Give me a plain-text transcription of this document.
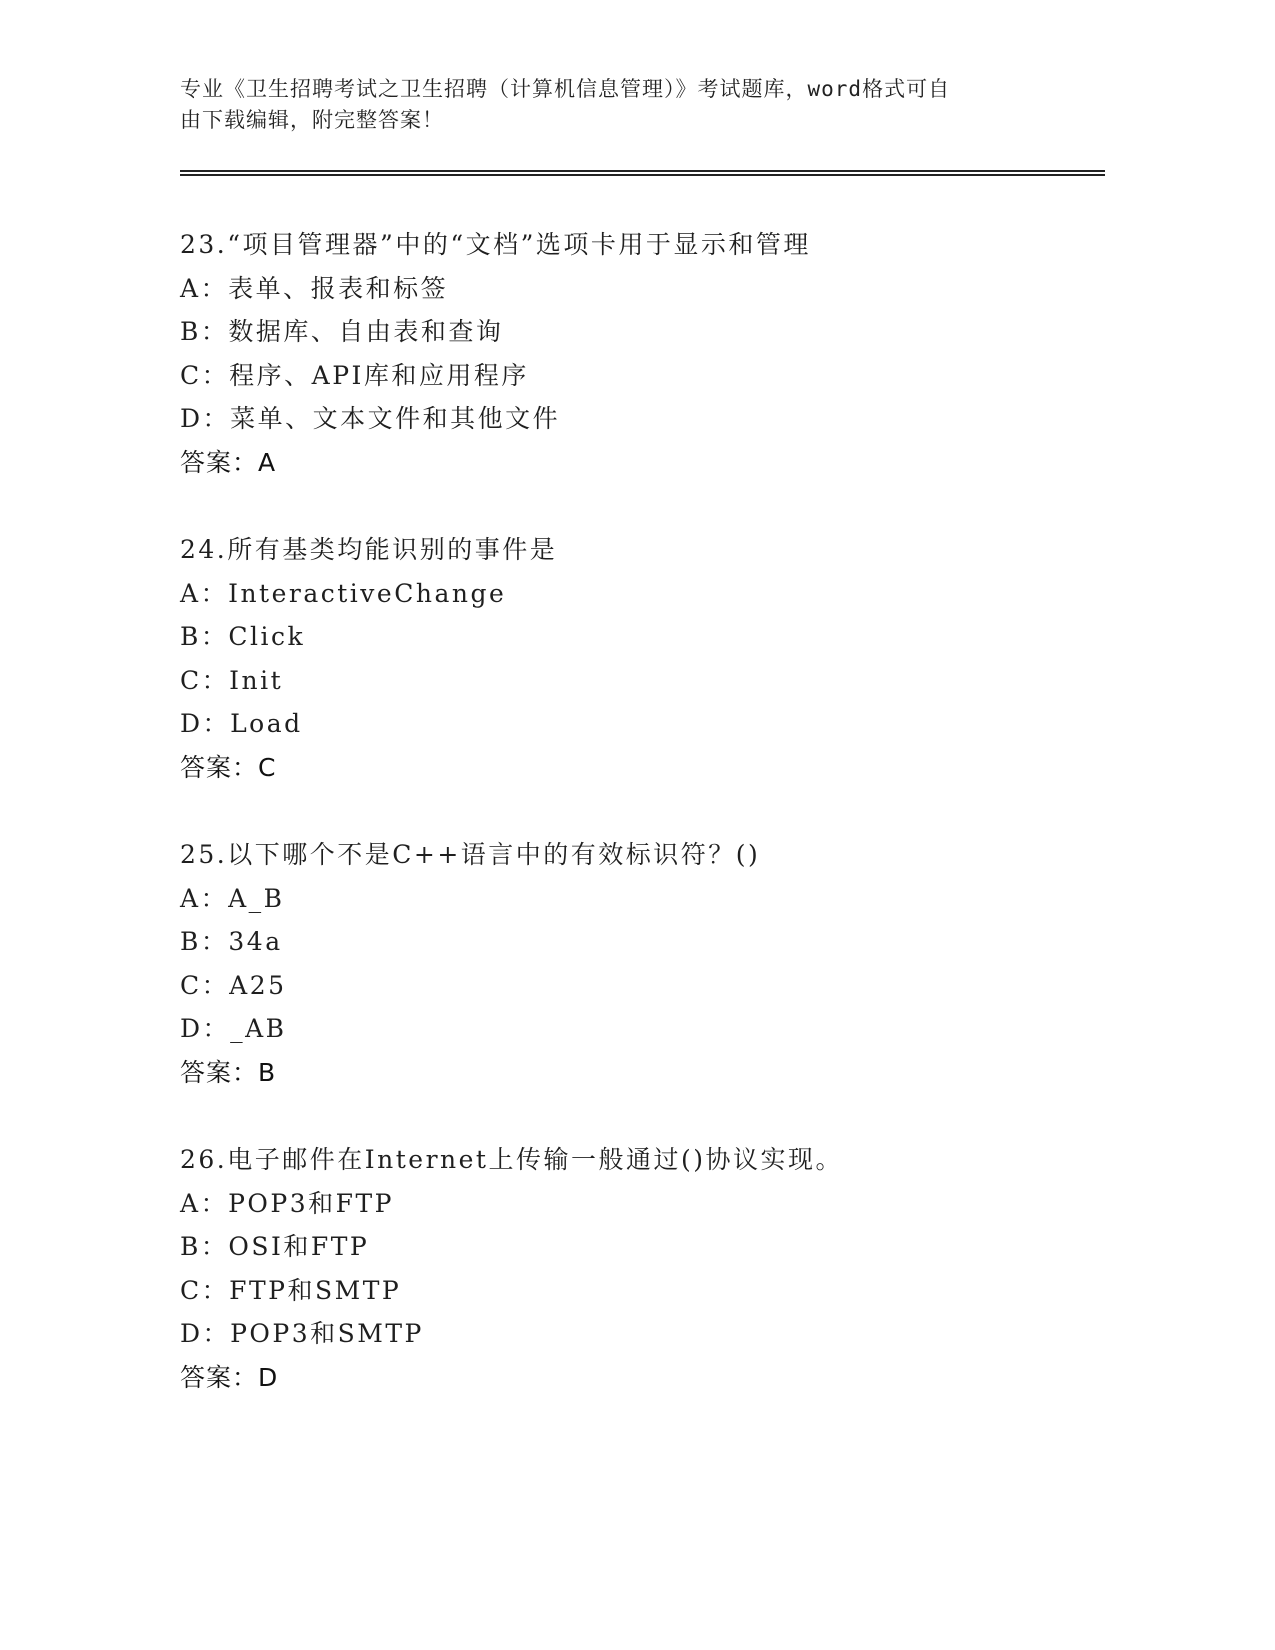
专业《卫生招聘考试之卫生招聘（计算机信息管理）》考试题库，word格式可自
由下载编辑，附完整答案！
23.“项目管理器”中的“文档”选项卡用于显示和管理
A：表单、报表和标签
B：数据库、自由表和查询
C：程序、API库和应用程序
D：菜单、文本文件和其他文件
答案：A
24.所有基类均能识别的事件是
A：InteractiveChange
B：Click
C：Init
D：Load
答案：C
25.以下哪个不是C++语言中的有效标识符？()
A：A_B
B：34a
C：A25
D：_AB
答案：B
26.电子邮件在Internet上传输一般通过()协议实现。
A：POP3和FTP
B：OSI和FTP
C：FTP和SMTP
D：POP3和SMTP
答案：D
